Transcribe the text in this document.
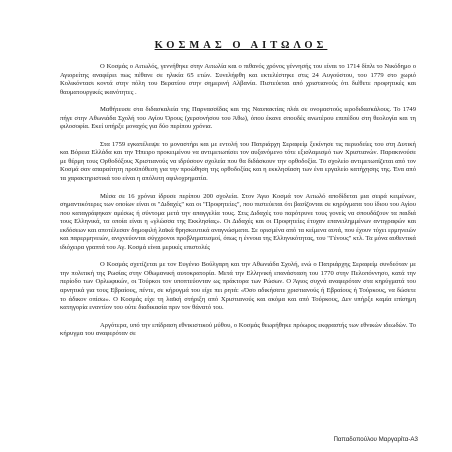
ΚΟΣΜΑΣ Ο ΑΙΤΩΛΟΣ

Ο Κοσμάς ο Αιτωλός, γεννήθηκε στην Αιτωλία και ο πιθανός χρόνος γέννησής του είναι το 1714 δίπλι το Νικόδημο ο Αγιορείτης αναφέρει πως πέθανε σε ηλικία 65 ετών. Συνελήφθη και εκτελέστηκε στις 24 Αυγούστου, του 1779 στο χωριό Κολικόντασι κοντά στην πόλη του Βερατίου στην σημερινή Αλβανία. Πιστεύεται από χριστιανούς ότι διέθετε προφητικές και θαυματουργικές ικανότητες .

Μαθήτευσε στα διδασκαλεία της Παρνασσίδας και της Ναυπακτίας πλάι σε ονομαστούς ιεροδιδασκάλους. Το 1749 πήγε στην Αθωνιάδα Σχολή του Αγίου Όρους (χερσονήσου του Άθω), όπου έκανε σπουδές ανωτέρου επιπέδου στη θεολογία και τη φιλοσοφία. Εκεί υπήρξε μοναχός για δύο περίπου χρόνια.

Στα 1759 εγκατέλειψε το μοναστήρι και με εντολή του Πατριάρχη Σεραφείμ ξεκίνησε τις περιοδείες του στη Δυτική και Βόρεια Ελλάδα και την Ήπειρο προκειμένου να αντιμετωπίσει τον αυξανόμενο τότε εξισλαμισμό των Χριστιανών. Παρακινούσε με θέρμη τους Ορθοδόξους Χριστιανούς να ιδρύσουν σχολεία που θα διδάσκουν την ορθοδοξία. Το σχολείο αντιμετωπίζεται από τον Κοσμά σαν απαραίτητη προϋπόθεση για την προώθηση της ορθοδοξίας και η εκκλησίαση των ένα εργαλείο κατήχησης της. Ένα από τα χαρακτηριστικά του είναι η απόλυτη αφιλοχρηματία.

Μέσα σε 16 χρόνια ίδρυσε περίπου 200 σχολεία. Στον Άγιο Κοσμά τον Αιτωλό αποδίδεται μια σειρά κειμένων, σημαντικότερες των οποίων είναι οι "Διδαχές" και οι "Προφητείες", που πιστεύεται ότι βασίζονται σε κηρύγματα του ίδιου του Αγίου που καταγράφηκαν αμέσως ή σύντομα μετά την απαγγελία τους. Στις Διδαχές του παρότρυνε τους γονείς να σπουδάζουν τα παιδιά τους Ελληνικά, τα οποία είναι η «γλώσσα της Εκκλησίας». Οι Διδαχές και οι Προφητείες έτυχαν επανειλημμένων αντιγραφών και εκδόσεων και αποτέλεσαν δημοφιλή λαϊκά θρησκευτικά αναγνώσματα. Σε ορισμένα από τα κείμενα αυτά, που έχουν τύχει ερμηνειών και παρερμηνειών, ανιχνεύονται σύγχρονοι προβληματισμοί, όπως η έννοια της Ελληνικότητας, του "Γένους" κτλ. Τα μόνα αυθεντικά ιδιόχειρα γραπτά του Αγ. Κοσμά είναι μερικές επιστολές

Ο Κοσμάς σχετίζεται με τον Ευγένιο Βούλγαρη και την Αθωνιάδα Σχολή, ενώ ο Πατριάρχης Σεραφείμ συνδεόταν με την πολιτική της Ρωσίας στην Οθωμανική αυτοκρατορία. Μετά την Ελληνική επανάσταση του 1770 στην Πελοπόννησο, κατά την περίοδο των Ορλωφικών, οι Τούρκοι τον υποπτεύονταν ως πράκτορα των Ρώσων. Ο Άγιος συχνά αναφερόταν στα κηρύγματά του αρνητικά για τους Εβραίους, πέντε, σε κήρυγμά του είχε πει ρητά: «Όσο αδικήσατε χριστιανούς ή Εβραίους ή Τούρκους, να δώσετε το άδικον οπίσω». Ο Κοσμάς είχε τη λαϊκή στήριξη από Χριστιανούς και ακόμα και από Τούρκους, Δεν υπήρξε καμία επίσημη κατηγορία εναντίον του ούτε διαδικασία πριν τον θάνατό του.

Αργότερα, υπό την επίδραση εθνικιστικού μύθου, ο Κοσμάς θεωρήθηκε πρόωρος εκφραστής των εθνικών ιδεωδών. Το κήρυγμα του αναφερόταν σε

Παπαδοπούλου Μαργαρίτα-Α3
